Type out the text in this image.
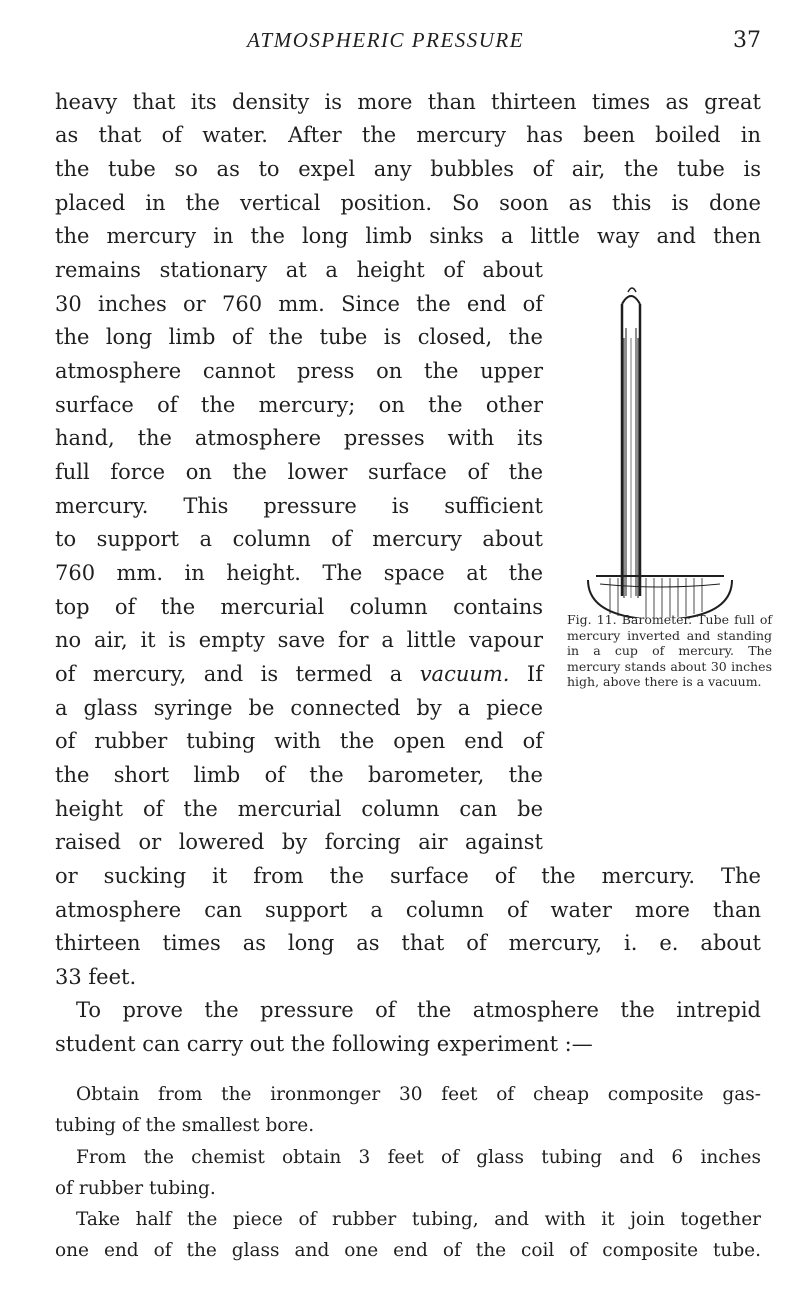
ATMOSPHERIC PRESSURE	37
heavy that its density is more than thirteen times as great
as that of water. After the mercury has been boiled in
the tube so as to expel any bubbles of air, the tube is
placed in the vertical position. So soon as this is done
the mercury in the long limb sinks a little way and then
remains stationary at a height of about
30 inches or 760 mm. Since the end of
the long limb of the tube is closed, the
atmosphere cannot press on the upper
surface of the mercury; on the other
hand, the atmosphere presses with its
full force on the lower surface of the
mercury. This pressure is sufficient
to support a column of mercury about
760 mm. in height. The space at the
top of the mercurial column contains
no air, it is empty save for a little vapour
of mercury, and is termed a vacuum. If
a glass syringe be connected by a piece
of rubber tubing with the open end of
the short limb of the barometer, the
height of the mercurial column can be
raised or lowered by forcing air against
or sucking it from the surface of the mercury. The
atmosphere can support a column of water more than
thirteen times as long as that of mercury, i. e. about
33 feet.
To prove the pressure of the atmosphere the intrepid
student can carry out the following experiment :—
Obtain from the ironmonger 30 feet of cheap composite gas-
tubing of the smallest bore.
From the chemist obtain 3 feet of glass tubing and 6 inches
of rubber tubing.
Take half the piece of rubber tubing, and with it join together
one end of the glass and one end of the coil of composite tube.
Fig. 11. Barometer. Tube full of mercury inverted and standing in a cup of mercury. The mercury stands about 30 inches high, above there is a vacuum.
